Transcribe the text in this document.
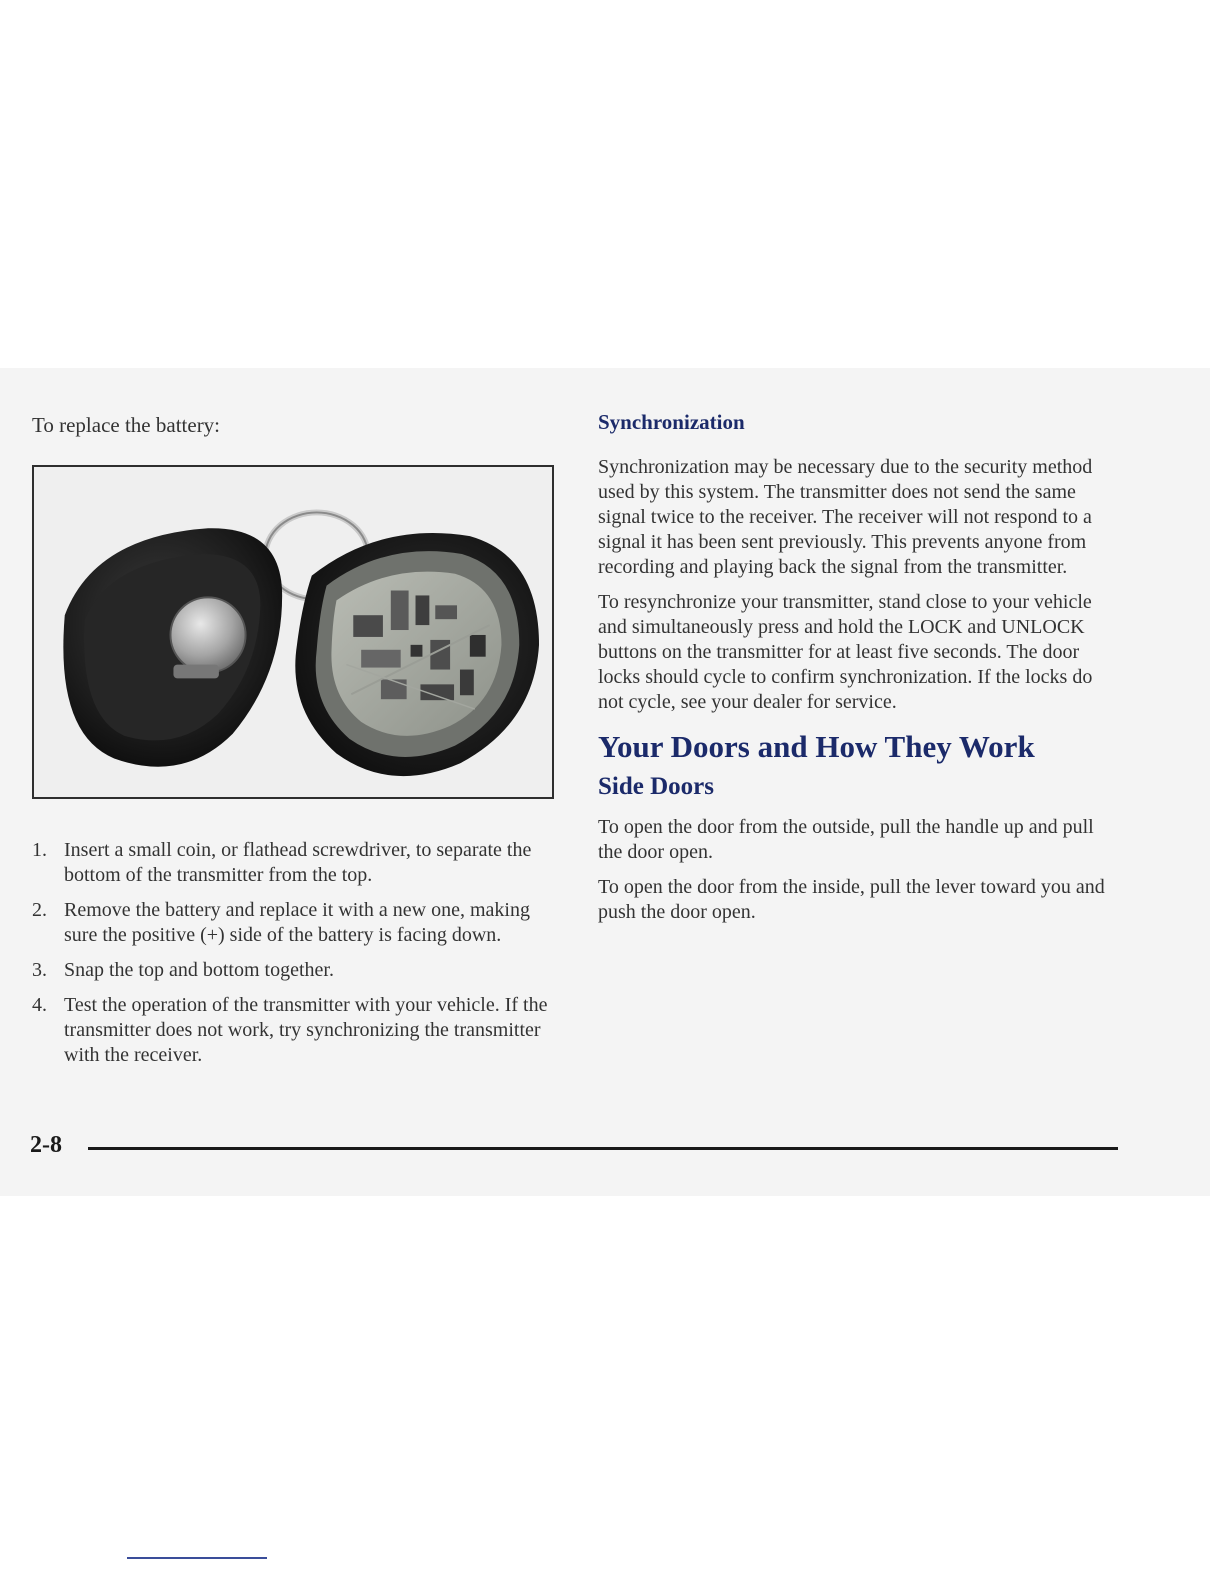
To replace the battery:
1. Insert a small coin, or flathead screwdriver, to separate the bottom of the transmitter from the top.
2. Remove the battery and replace it with a new one, making sure the positive (+) side of the battery is facing down.
3. Snap the top and bottom together.
4. Test the operation of the transmitter with your vehicle. If the transmitter does not work, try synchronizing the transmitter with the receiver.
Synchronization

Synchronization may be necessary due to the security method used by this system. The transmitter does not send the same signal twice to the receiver. The receiver will not respond to a signal it has been sent previously. This prevents anyone from recording and playing back the signal from the transmitter.

To resynchronize your transmitter, stand close to your vehicle and simultaneously press and hold the LOCK and UNLOCK buttons on the transmitter for at least five seconds. The door locks should cycle to confirm synchronization. If the locks do not cycle, see your dealer for service.

Your Doors and How They Work
Side Doors

To open the door from the outside, pull the handle up and pull the door open.

To open the door from the inside, pull the lever toward you and push the door open.

2-8
